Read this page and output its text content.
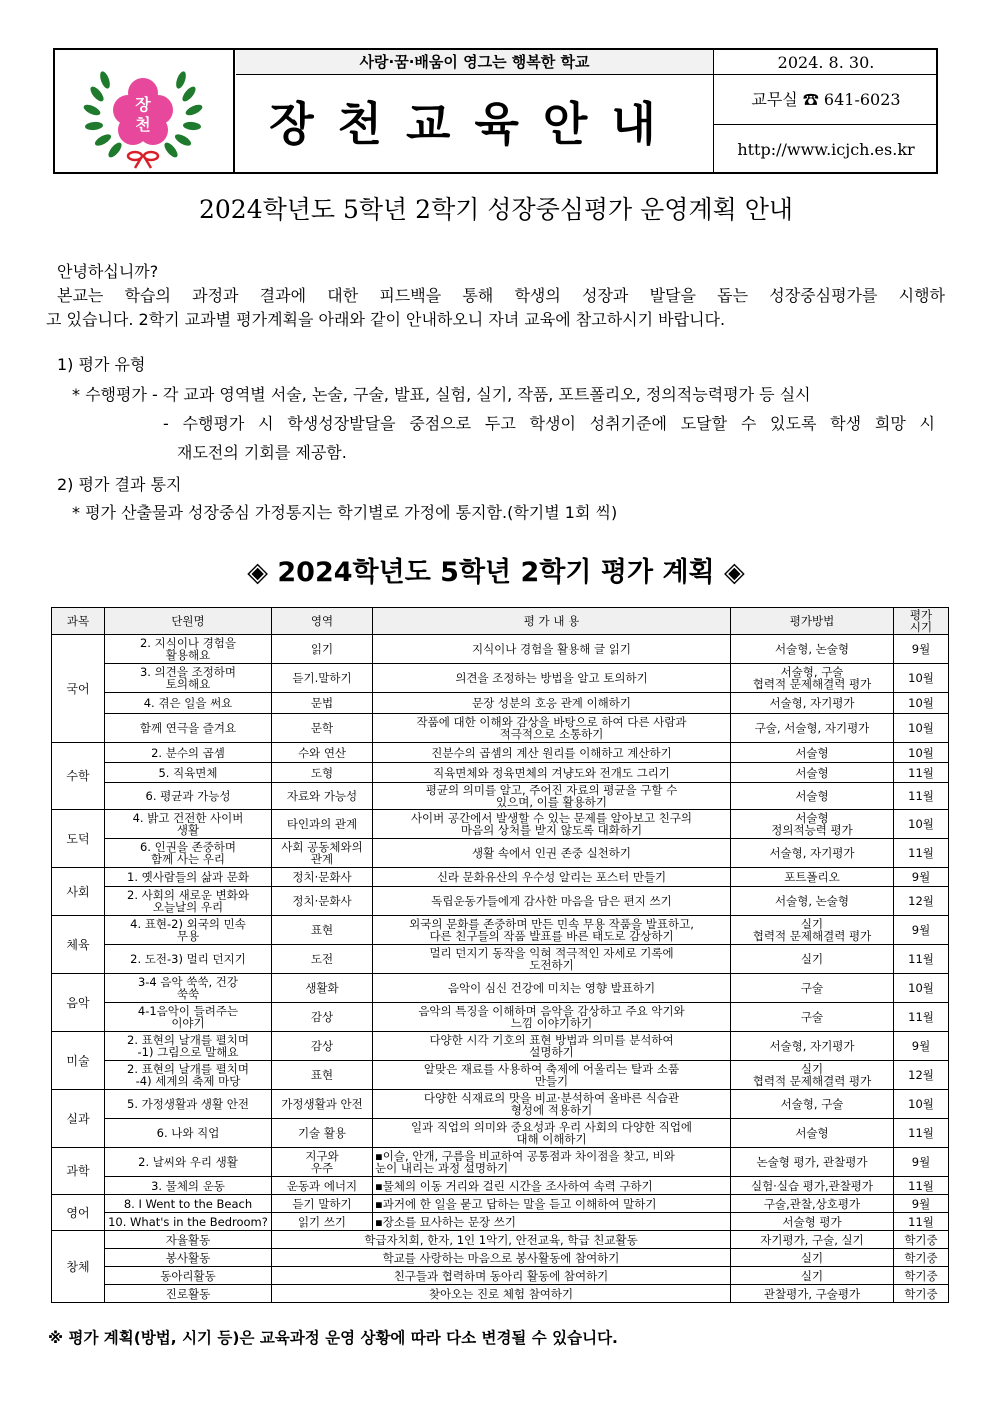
장
천
사랑·꿈·배움이 영그는 행복한 학교
장천교육안내
2024. 8. 30.
교무실 ☎ 641-6023
http://www.icjch.es.kr
2024학년도 5학년 2학기 성장중심평가 운영계획 안내
안녕하십니까?
본교는 학습의 과정과 결과에 대한 피드백을 통해 학생의 성장과 발달을 돕는 성장중심평가를 시행하
고 있습니다. 2학기 교과별 평가계획을 아래와 같이 안내하오니 자녀 교육에 참고하시기 바랍니다.
1) 평가 유형
* 수행평가 - 각 교과 영역별 서술, 논술, 구술, 발표, 실험, 실기, 작품, 포트폴리오, 정의적능력평가 등 실시
- 수행평가 시 학생성장발달을 중점으로 두고 학생이 성취기준에 도달할 수 있도록 학생 희망 시
재도전의 기회를 제공함.
2) 평가 결과 통지
* 평가 산출물과 성장중심 가정통지는 학기별로 가정에 통지함.(학기별 1회 씩)
◈ 2024학년도 5학년 2학기 평가 계획 ◈
과목	단원명	영역	평 가 내 용	평가방법	평가
시기
국어	2. 지식이나 경험을
활용해요	읽기	지식이나 경험을 활용해 글 읽기	서술형, 논술형	9월
	3. 의견을 조정하며
토의해요	듣기.말하기	의견을 조정하는 방법을 알고 토의하기	서술형, 구술
협력적 문제해결력 평가	10월
	4. 겪은 일을 써요	문법	문장 성분의 호응 관계 이해하기	서술형, 자기평가	10월
	함께 연극을 즐겨요	문학	작품에 대한 이해와 감상을 바탕으로 하여 다른 사람과
적극적으로 소통하기	구술, 서술형, 자기평가	10월
수학	2. 분수의 곱셈	수와 연산	진분수의 곱셈의 계산 원리를 이해하고 계산하기	서술형	10월
	5. 직육면체	도형	직육면체와 정육면체의 겨냥도와 전개도 그리기	서술형	11월
	6. 평균과 가능성	자료와 가능성	평균의 의미를 알고, 주어진 자료의 평균을 구할 수
있으며, 이를 활용하기	서술형	11월
도덕	4. 밝고 건전한 사이버
생활	타인과의 관계	사이버 공간에서 발생할 수 있는 문제를 알아보고 친구의
마음의 상처를 받지 않도록 대화하기	서술형
정의적능력 평가	10월
	6. 인권을 존중하며
함께 사는 우리	사회 공동체와의
관계	생활 속에서 인권 존중 실천하기	서술형, 자기평가	11월
사회	1. 옛사람들의 삶과 문화	정치·문화사	신라 문화유산의 우수성 알리는 포스터 만들기	포트폴리오	9월
	2. 사회의 새로운 변화와
오늘날의 우리	정치·문화사	독립운동가들에게 감사한 마음을 담은 편지 쓰기	서술형, 논술형	12월
체육	4. 표현-2) 외국의 민속
무용	표현	외국의 문화를 존중하며 만든 민속 무용 작품을 발표하고,
다른 친구들의 작품 발표를 바른 태도로 감상하기	실기
협력적 문제해결력 평가	9월
	2. 도전-3) 멀리 던지기	도전	멀리 던지기 동작을 익혀 적극적인 자세로 기록에
도전하기	실기	11월
음악	3-4 음악 쑥쑥, 건강
쑥쑥	생활화	음악이 심신 건강에 미치는 영향 발표하기	구술	10월
	4-1음악이 들려주는
이야기	감상	음악의 특징을 이해하며 음악을 감상하고 주요 악기와
느낌 이야기하기	구술	11월
미술	2. 표현의 날개를 펼치며
-1) 그림으로 말해요	감상	다양한 시각 기호의 표현 방법과 의미를 분석하여
설명하기	서술형, 자기평가	9월
	2. 표현의 날개를 펼치며
-4) 세계의 축제 마당	표현	알맞은 재료를 사용하여 축제에 어울리는 탈과 소품
만들기	실기
협력적 문제해결력 평가	12월
실과	5. 가정생활과 생활 안전	가정생활과 안전	다양한 식재료의 맛을 비교·분석하여 올바른 식습관
형성에 적용하기	서술형, 구술	10월
	6. 나와 직업	기술 활용	일과 직업의 의미와 중요성과 우리 사회의 다양한 직업에
대해 이해하기	서술형	11월
과학	2. 날씨와 우리 생활	지구와
우주	▪이슬, 안개, 구름을 비교하여 공통점과 차이점을 찾고, 비와
눈이 내리는 과정 설명하기	논술형 평가, 관찰평가	9월
	3. 물체의 운동	운동과 에너지	▪물체의 이동 거리와 걸린 시간을 조사하여 속력 구하기	실험·실습 평가,관찰평가	11월
영어	8. I Went to the Beach	듣기 말하기	▪과거에 한 일을 묻고 답하는 말을 듣고 이해하여 말하기	구술,관찰,상호평가	9월
	10. What's in the Bedroom?	읽기 쓰기	▪장소를 묘사하는 문장 쓰기	서술형 평가	11월
창체	자율활동	학급자치회, 한자, 1인 1악기, 안전교육, 학급 친교활동		자기평가, 구술, 실기	학기중
	봉사활동	학교를 사랑하는 마음으로 봉사활동에 참여하기		실기	학기중
	동아리활동	친구들과 협력하며 동아리 활동에 참여하기		실기	학기중
	진로활동	찾아오는 진로 체험 참여하기		관찰평가, 구술평가	학기중
※ 평가 계획(방법, 시기 등)은 교육과정 운영 상황에 따라 다소 변경될 수 있습니다.
